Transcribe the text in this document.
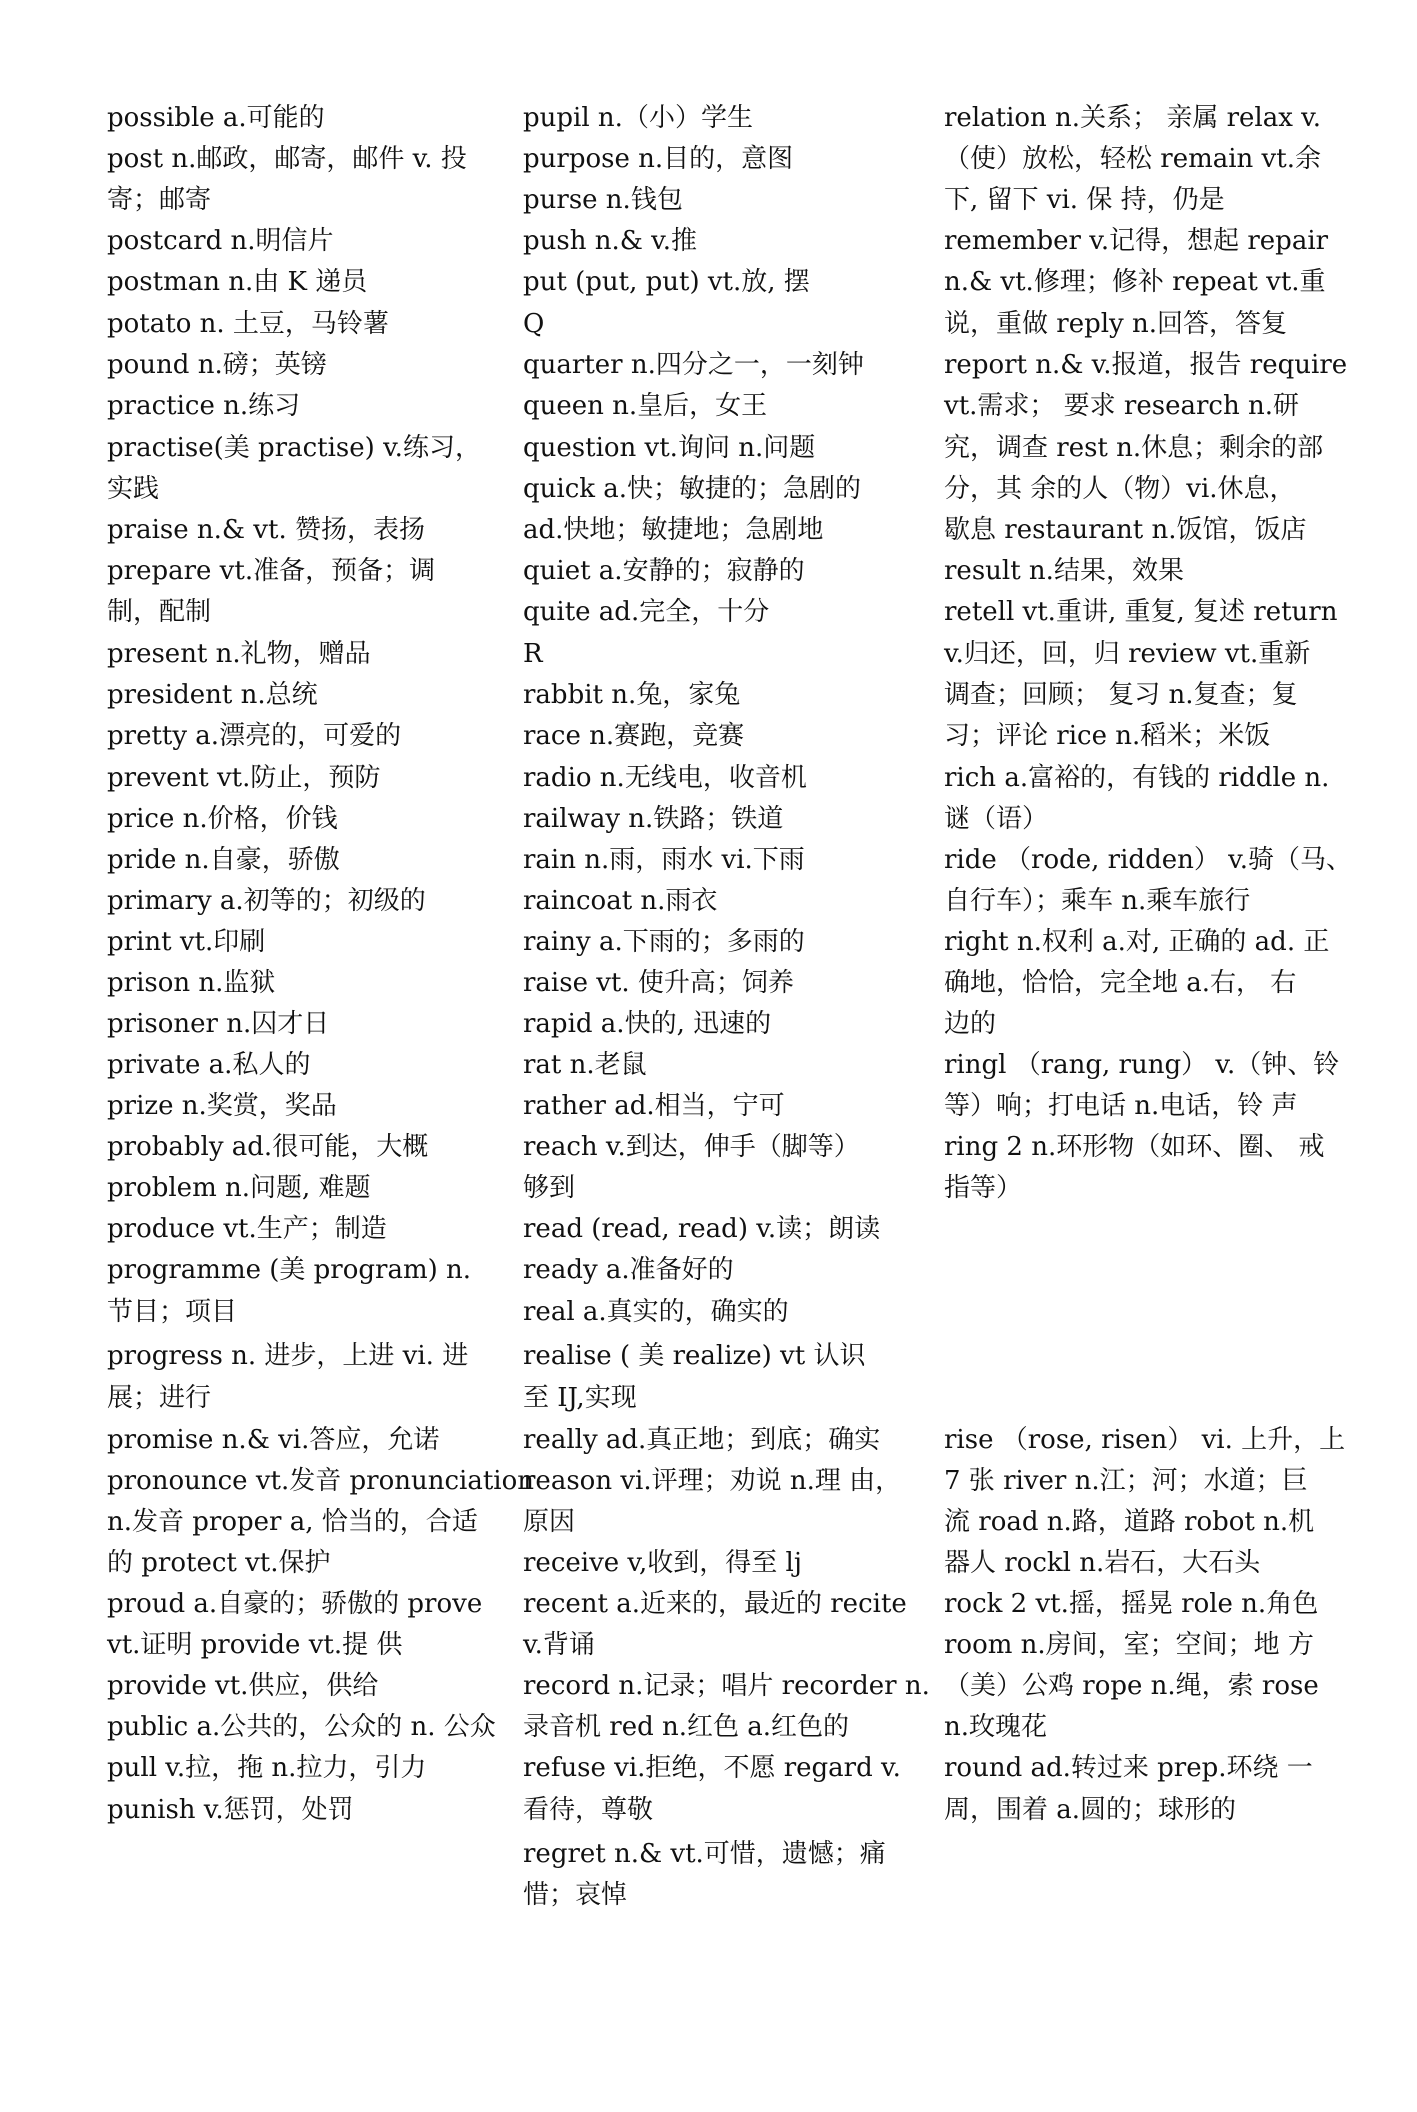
possible a.可能的
post n.邮政，邮寄，邮件 v. 投
寄；邮寄
postcard n.明信片
postman n.由 K 递员
potato n. 土豆，马铃薯
pound n.磅；英镑
practice n.练习
practise(美 practise) v.练习，
实践
praise n.& vt. 赞扬，表扬
prepare vt.准备，预备；调
制，配制
present n.礼物，赠品
president n.总统
pretty a.漂亮的，可爱的
prevent vt.防止，预防
price n.价格，价钱
pride n.自豪，骄傲
primary a.初等的；初级的
print vt.印刷
prison n.监狱
prisoner n.囚才日
private a.私人的
prize n.奖赏，奖品
probably ad.很可能，大概
problem n.问题, 难题
produce vt.生产；制造
programme (美 program) n.
节目；项目
progress n. 进步，上进 vi. 进
展；进行
promise n.& vi.答应，允诺
pronounce vt.发音 pronunciation
n.发音 proper a, 恰当的，合适
的 protect vt.保护
proud a.自豪的；骄傲的 prove
vt.证明 provide vt.提 供
provide vt.供应，供给
public a.公共的，公众的 n. 公众
pull v.拉，拖 n.拉力，引力
punish v.惩罚，处罚
pupil n.（小）学生
purpose n.目的，意图
purse n.钱包
push n.& v.推
put (put, put) vt.放, 摆
Q
quarter n.四分之一，一刻钟
queen n.皇后，女王
question vt.询问 n.问题
quick a.快；敏捷的；急剧的
ad.快地；敏捷地；急剧地
quiet a.安静的；寂静的
quite ad.完全，十分
R
rabbit n.兔，家兔
race n.赛跑，竞赛
radio n.无线电，收音机
railway n.铁路；铁道
rain n.雨，雨水 vi.下雨
raincoat n.雨衣
rainy a.下雨的；多雨的
raise vt. 使升高；饲养
rapid a.快的, 迅速的
rat n.老鼠
rather ad.相当，宁可
reach v.到达，伸手（脚等）
够到
read (read, read) v.读；朗读
ready a.准备好的
real a.真实的，确实的
realise ( 美 realize) vt 认识
至 IJ,实现
really ad.真正地；到底；确实
reason vi.评理；劝说 n.理 由，
原因
receive v,收到，得至 lj
recent a.近来的，最近的 recite
v.背诵
record n.记录；唱片 recorder n.
录音机 red n.红色 a.红色的
refuse vi.拒绝，不愿 regard v.
看待，尊敬
regret n.& vt.可惜，遗憾；痛
惜；哀悼
relation n.关系； 亲属 relax v.
（使）放松，轻松 remain vt.余
下, 留下 vi. 保 持，仍是
remember v.记得，想起 repair
n.& vt.修理；修补 repeat vt.重
说，重做 reply n.回答，答复
report n.& v.报道，报告 require
vt.需求； 要求 research n.研
究，调查 rest n.休息；剩余的部
分，其 余的人（物）vi.休息，
歇息 restaurant n.饭馆，饭店
result n.结果，效果
retell vt.重讲, 重复, 复述 return
v.归还，回，归 review vt.重新
调查；回顾； 复习 n.复查；复
习；评论 rice n.稻米；米饭
rich a.富裕的，有钱的 riddle n.
谜（语）
ride （rode, ridden） v.骑（马、
自行车）；乘车 n.乘车旅行
right n.权利 a.对, 正确的 ad. 正
确地，恰恰，完全地 a.右， 右
边的
ringl （rang, rung） v.（钟、铃
等）响；打电话 n.电话，铃 声
ring 2 n.环形物（如环、圈、 戒
指等）
rise （rose, risen） vi. 上升，上
7 张 river n.江；河；水道；巨
流 road n.路，道路 robot n.机
器人 rockl n.岩石，大石头
rock 2 vt.摇，摇晃 role n.角色
room n.房间，室；空间；地 方
（美）公鸡 rope n.绳，索 rose
n.玫瑰花
round ad.转过来 prep.环绕 一
周，围着 a.圆的；球形的
